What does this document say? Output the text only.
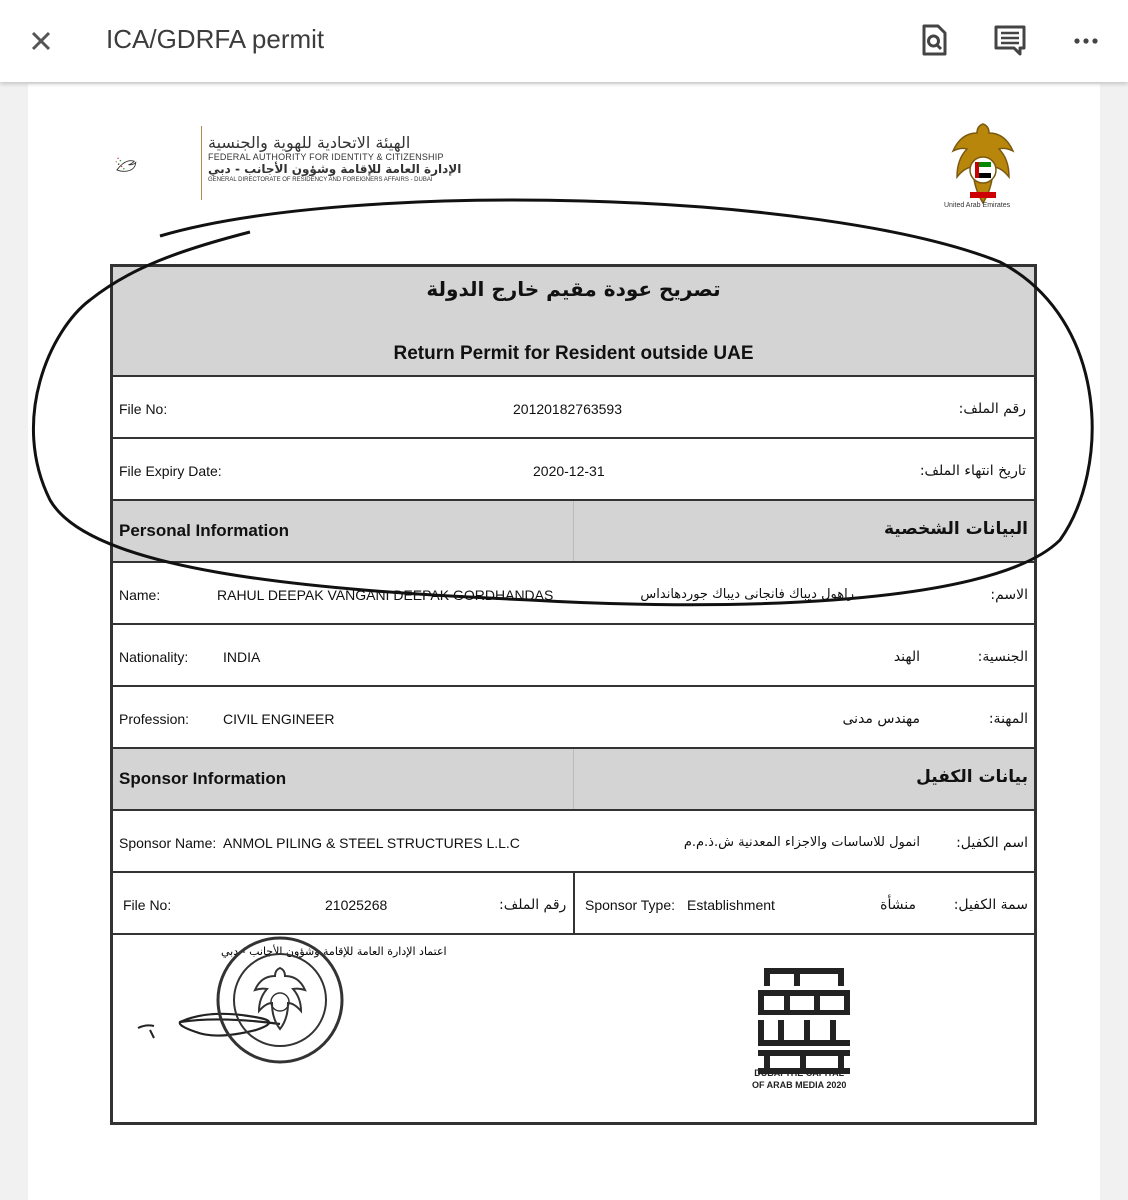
ICA/GDRFA permit
الهيئة الاتحادية للهوية والجنسية
FEDERAL AUTHORITY FOR IDENTITY & CITIZENSHIP
الإدارة العامة للإقامة وشؤون الأجانب - دبي
GENERAL DIRECTORATE OF RESIDENCY AND FOREIGNERS AFFAIRS - DUBAI
United Arab Emirates
تصريح عودة مقيم خارج الدولة
Return Permit for Resident outside UAE
File No:	20120182763593	رقم الملف:
File Expiry Date:	2020-12-31	تاريخ انتهاء الملف:
Personal Information	البيانات الشخصية
Name:	RAHUL DEEPAK VANGANI DEEPAK GORDHANDAS	راهول ديباك فانجانى ديباك جوردهانداس	الاسم:
Nationality: INDIA	الهند	الجنسية:
Profession: CIVIL ENGINEER	مهندس مدنى	المهنة:
Sponsor Information	بيانات الكفيل
Sponsor Name: ANMOL PILING & STEEL STRUCTURES L.L.C	انمول للاساسات والاجزاء المعدنية ش.ذ.م.م	اسم الكفيل:
File No:	21025268	رقم الملف: Sponsor Type: Establishment	منشأة	سمة الكفيل:
اعتماد الإدارة العامة للإقامة وشؤون الأجانب - دبي
DUBAI THE CAPITAL
OF ARAB MEDIA 2020
